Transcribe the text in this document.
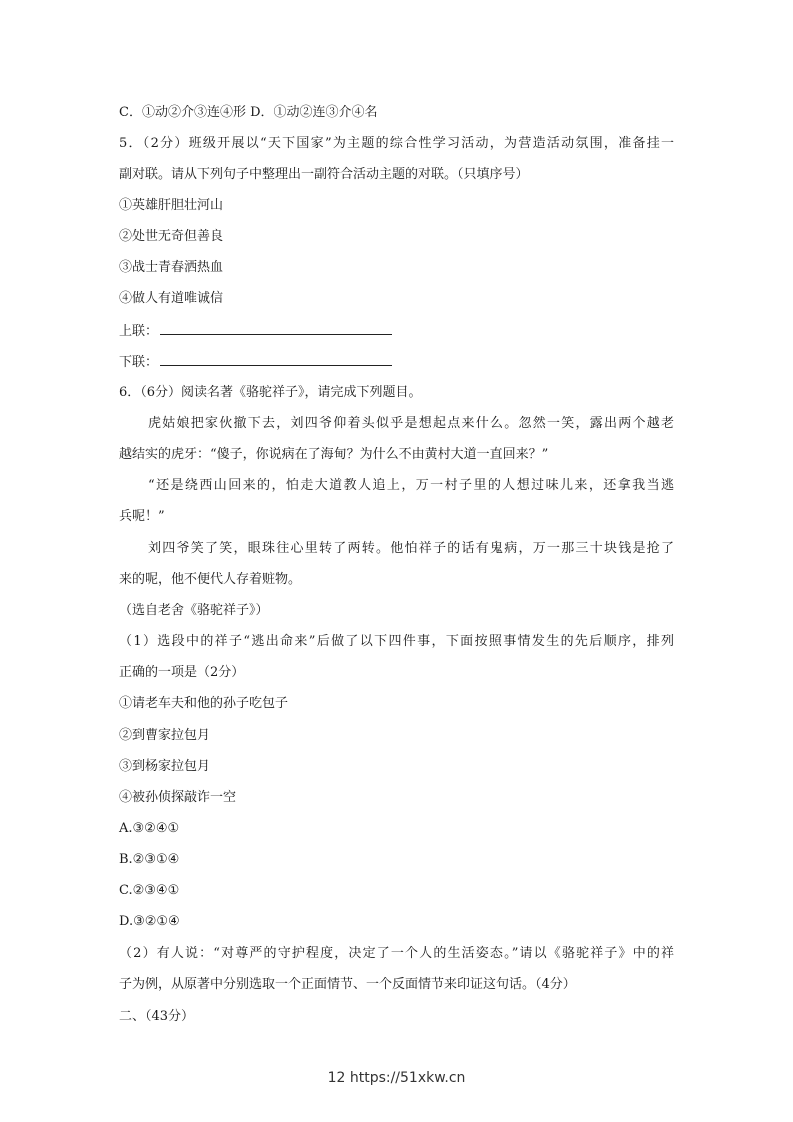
C．①动②介③连④形 D．①动②连③介④名

5．（2分）班级开展以“天下国家”为主题的综合性学习活动，为营造活动氛围，准备挂一

副对联。请从下列句子中整理出一副符合活动主题的对联。（只填序号）

①英雄肝胆壮河山

②处世无奇但善良

③战士青春洒热血

④做人有道唯诚信

上联：

下联：

6．（6分）阅读名著《骆驼祥子》，请完成下列题目。

虎姑娘把家伙撤下去，刘四爷仰着头似乎是想起点来什么。忽然一笑，露出两个越老

越结实的虎牙：“傻子，你说病在了海甸？为什么不由黄村大道一直回来？”

“还是绕西山回来的，怕走大道教人追上，万一村子里的人想过味儿来，还拿我当逃

兵呢！”

刘四爷笑了笑，眼珠往心里转了两转。他怕祥子的话有鬼病，万一那三十块钱是抢了

来的呢，他不便代人存着赃物。

（选自老舍《骆驼祥子》）

（1）选段中的祥子“逃出命来”后做了以下四件事，下面按照事情发生的先后顺序，排列

正确的一项是（2分）

①请老车夫和他的孙子吃包子

②到曹家拉包月

③到杨家拉包月

④被孙侦探敲诈一空

A.③②④①

B.②③①④

C.②③④①

D.③②①④

（2）有人说：“对尊严的守护程度，决定了一个人的生活姿态。”请以《骆驼祥子》中的祥

子为例，从原著中分别选取一个正面情节、一个反面情节来印证这句话。（4分）

二、（43分）

12 https://51xkw.cn
